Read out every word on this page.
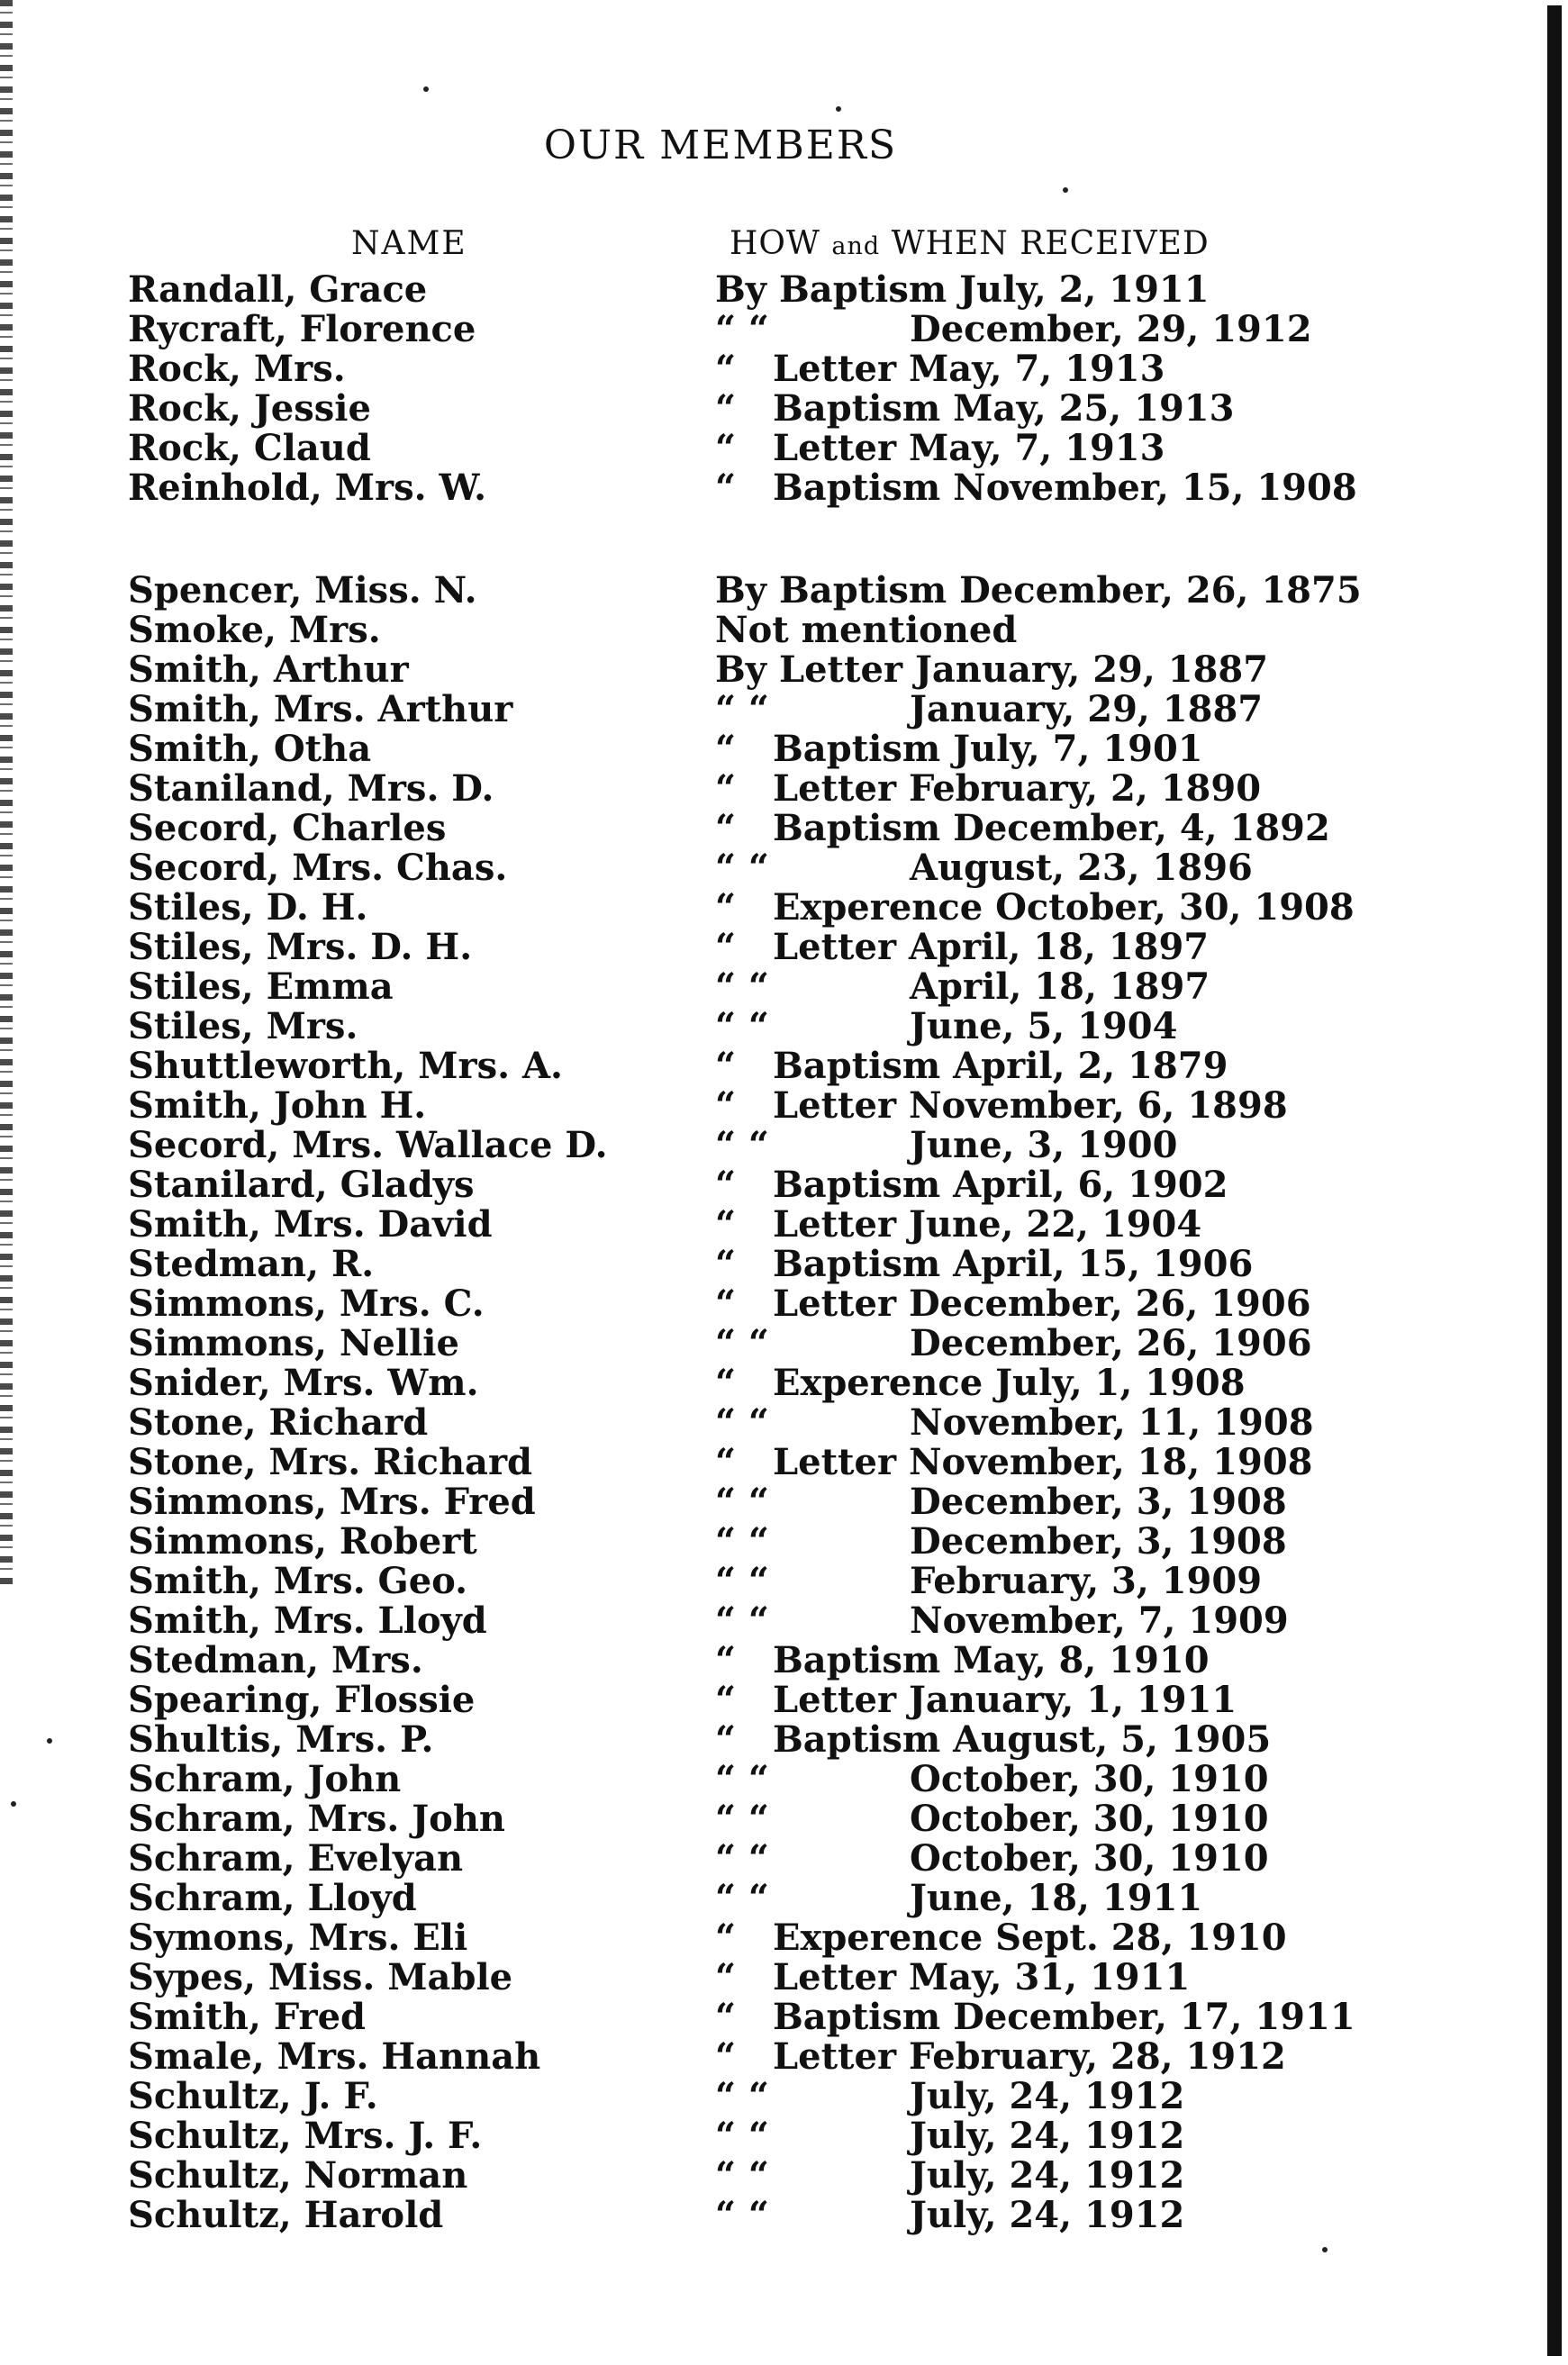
OUR MEMBERS
NAME	HOW and WHEN RECEIVED
Randall, Grace	By Baptism July, 2, 1911
Rycraft, Florence	“ “	December, 29, 1912
Rock, Mrs.	“ Letter May, 7, 1913
Rock, Jessie	“ Baptism May, 25, 1913
Rock, Claud	“ Letter May, 7, 1913
Reinhold, Mrs. W.	“ Baptism November, 15, 1908
Spencer, Miss. N.	By Baptism December, 26, 1875
Smoke, Mrs.	Not mentioned
Smith, Arthur	By Letter January, 29, 1887
Smith, Mrs. Arthur	“ “	January, 29, 1887
Smith, Otha	“ Baptism July, 7, 1901
Staniland, Mrs. D.	“ Letter February, 2, 1890
Secord, Charles	“ Baptism December, 4, 1892
Secord, Mrs. Chas.	“ “	August, 23, 1896
Stiles, D. H.	“ Experence October, 30, 1908
Stiles, Mrs. D. H.	“ Letter April, 18, 1897
Stiles, Emma	“ “	April, 18, 1897
Stiles, Mrs.	“ “	June, 5, 1904
Shuttleworth, Mrs. A.	“ Baptism April, 2, 1879
Smith, John H.	“ Letter November, 6, 1898
Secord, Mrs. Wallace D.	“ “	June, 3, 1900
Stanilard, Gladys	“ Baptism April, 6, 1902
Smith, Mrs. David	“ Letter June, 22, 1904
Stedman, R.	“ Baptism April, 15, 1906
Simmons, Mrs. C.	“ Letter December, 26, 1906
Simmons, Nellie	“ “	December, 26, 1906
Snider, Mrs. Wm.	“ Experence July, 1, 1908
Stone, Richard	“ “	November, 11, 1908
Stone, Mrs. Richard	“ Letter November, 18, 1908
Simmons, Mrs. Fred	“ “	December, 3, 1908
Simmons, Robert	“ “	December, 3, 1908
Smith, Mrs. Geo.	“ “	February, 3, 1909
Smith, Mrs. Lloyd	“ “	November, 7, 1909
Stedman, Mrs.	“ Baptism May, 8, 1910
Spearing, Flossie	“ Letter January, 1, 1911
Shultis, Mrs. P.	“ Baptism August, 5, 1905
Schram, John	“ “	October, 30, 1910
Schram, Mrs. John	“ “	October, 30, 1910
Schram, Evelyan	“ “	October, 30, 1910
Schram, Lloyd	“ “	June, 18, 1911
Symons, Mrs. Eli	“ Experence Sept. 28, 1910
Sypes, Miss. Mable	“ Letter May, 31, 1911
Smith, Fred	“ Baptism December, 17, 1911
Smale, Mrs. Hannah	“ Letter February, 28, 1912
Schultz, J. F.	“ “	July, 24, 1912
Schultz, Mrs. J. F.	“ “	July, 24, 1912
Schultz, Norman	“ “	July, 24, 1912
Schultz, Harold	“ “	July, 24, 1912
